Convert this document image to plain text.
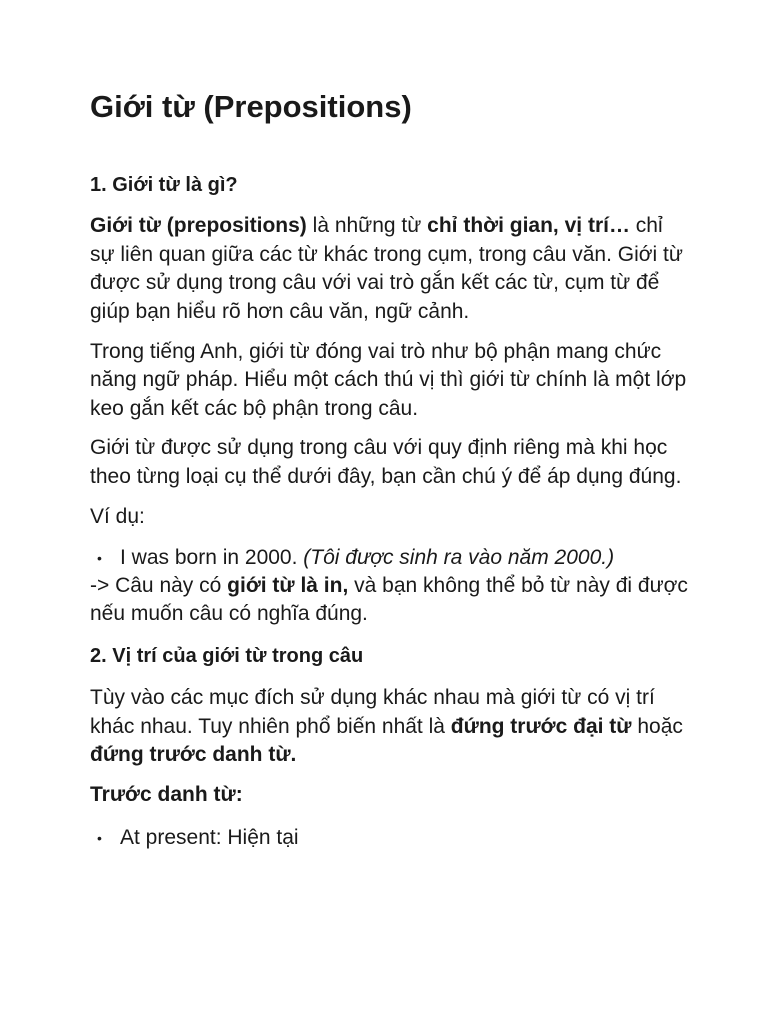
Giới từ (Prepositions)
1. Giới từ là gì?

Giới từ (prepositions) là những từ chỉ thời gian, vị trí… chỉ sự liên quan giữa các từ khác trong cụm, trong câu văn. Giới từ được sử dụng trong câu với vai trò gắn kết các từ, cụm từ để giúp bạn hiểu rõ hơn câu văn, ngữ cảnh.

Trong tiếng Anh, giới từ đóng vai trò như bộ phận mang chức năng ngữ pháp. Hiểu một cách thú vị thì giới từ chính là một lớp keo gắn kết các bộ phận trong câu.

Giới từ được sử dụng trong câu với quy định riêng mà khi học theo từng loại cụ thể dưới đây, bạn cần chú ý để áp dụng đúng.

Ví dụ:

• I was born in 2000. (Tôi được sinh ra vào năm 2000.)
-> Câu này có giới từ là in, và bạn không thể bỏ từ này đi được nếu muốn câu có nghĩa đúng.
2. Vị trí của giới từ trong câu

Tùy vào các mục đích sử dụng khác nhau mà giới từ có vị trí khác nhau. Tuy nhiên phổ biến nhất là đứng trước đại từ hoặc đứng trước danh từ.

Trước danh từ:

• At present: Hiện tại
